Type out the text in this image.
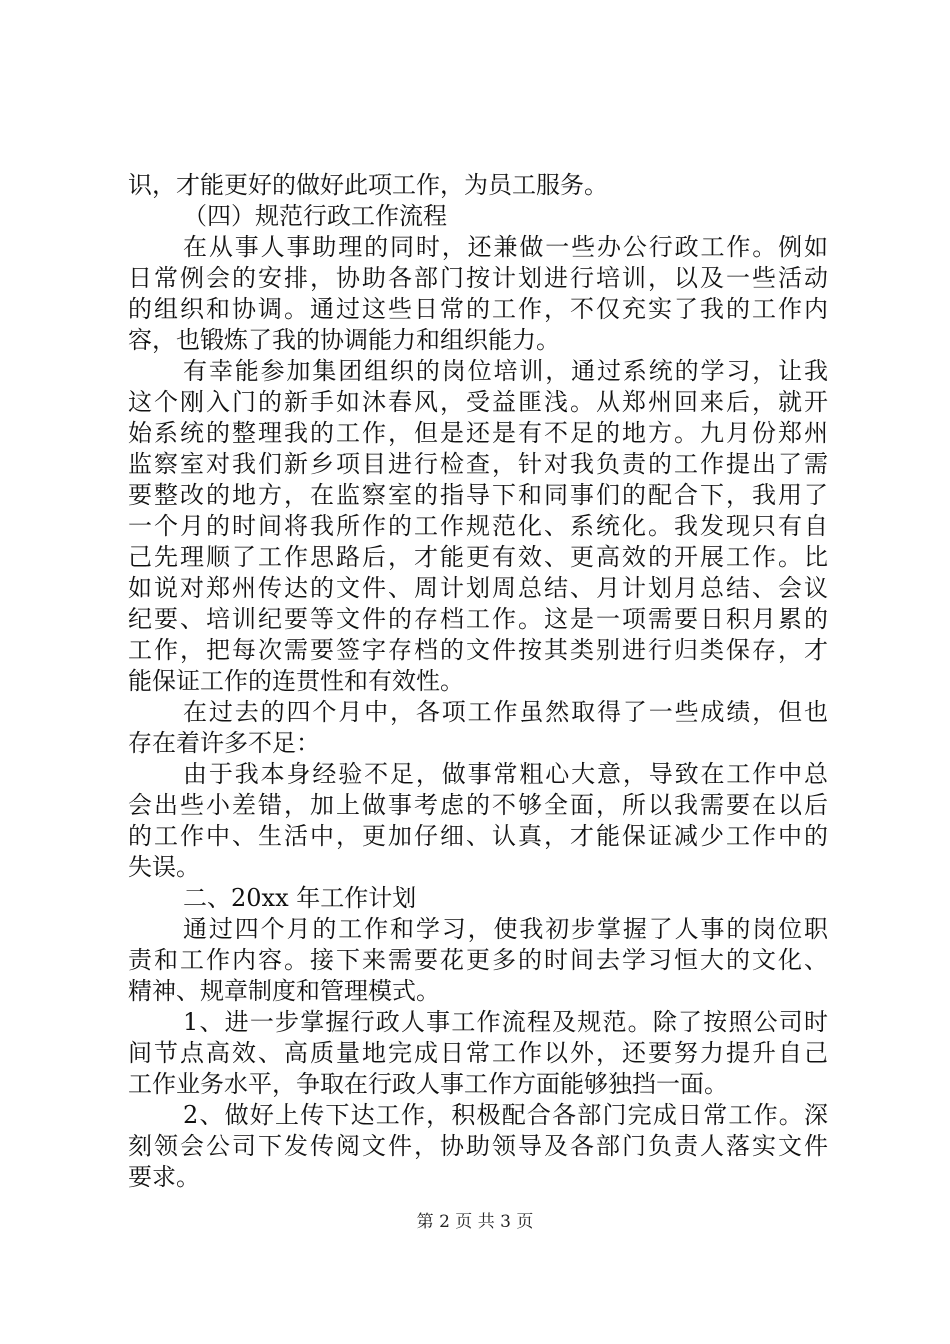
识，才能更好的做好此项工作，为员工服务。
（四）规范行政工作流程
在从事人事助理的同时，还兼做一些办公行政工作。例如
日常例会的安排，协助各部门按计划进行培训，以及一些活动
的组织和协调。通过这些日常的工作，不仅充实了我的工作内
容，也锻炼了我的协调能力和组织能力。
有幸能参加集团组织的岗位培训，通过系统的学习，让我
这个刚入门的新手如沐春风，受益匪浅。从郑州回来后，就开
始系统的整理我的工作，但是还是有不足的地方。九月份郑州
监察室对我们新乡项目进行检查，针对我负责的工作提出了需
要整改的地方，在监察室的指导下和同事们的配合下，我用了
一个月的时间将我所作的工作规范化、系统化。我发现只有自
己先理顺了工作思路后，才能更有效、更高效的开展工作。比
如说对郑州传达的文件、周计划周总结、月计划月总结、会议
纪要、培训纪要等文件的存档工作。这是一项需要日积月累的
工作，把每次需要签字存档的文件按其类别进行归类保存，才
能保证工作的连贯性和有效性。
在过去的四个月中，各项工作虽然取得了一些成绩，但也
存在着许多不足：
由于我本身经验不足，做事常粗心大意，导致在工作中总
会出些小差错，加上做事考虑的不够全面，所以我需要在以后
的工作中、生活中，更加仔细、认真，才能保证减少工作中的
失误。
二、20xx 年工作计划
通过四个月的工作和学习，使我初步掌握了人事的岗位职
责和工作内容。接下来需要花更多的时间去学习恒大的文化、
精神、规章制度和管理模式。
1、进一步掌握行政人事工作流程及规范。除了按照公司时
间节点高效、高质量地完成日常工作以外，还要努力提升自己
工作业务水平，争取在行政人事工作方面能够独挡一面。
2、做好上传下达工作，积极配合各部门完成日常工作。深
刻领会公司下发传阅文件，协助领导及各部门负责人落实文件
要求。
第 2 页 共 3 页
